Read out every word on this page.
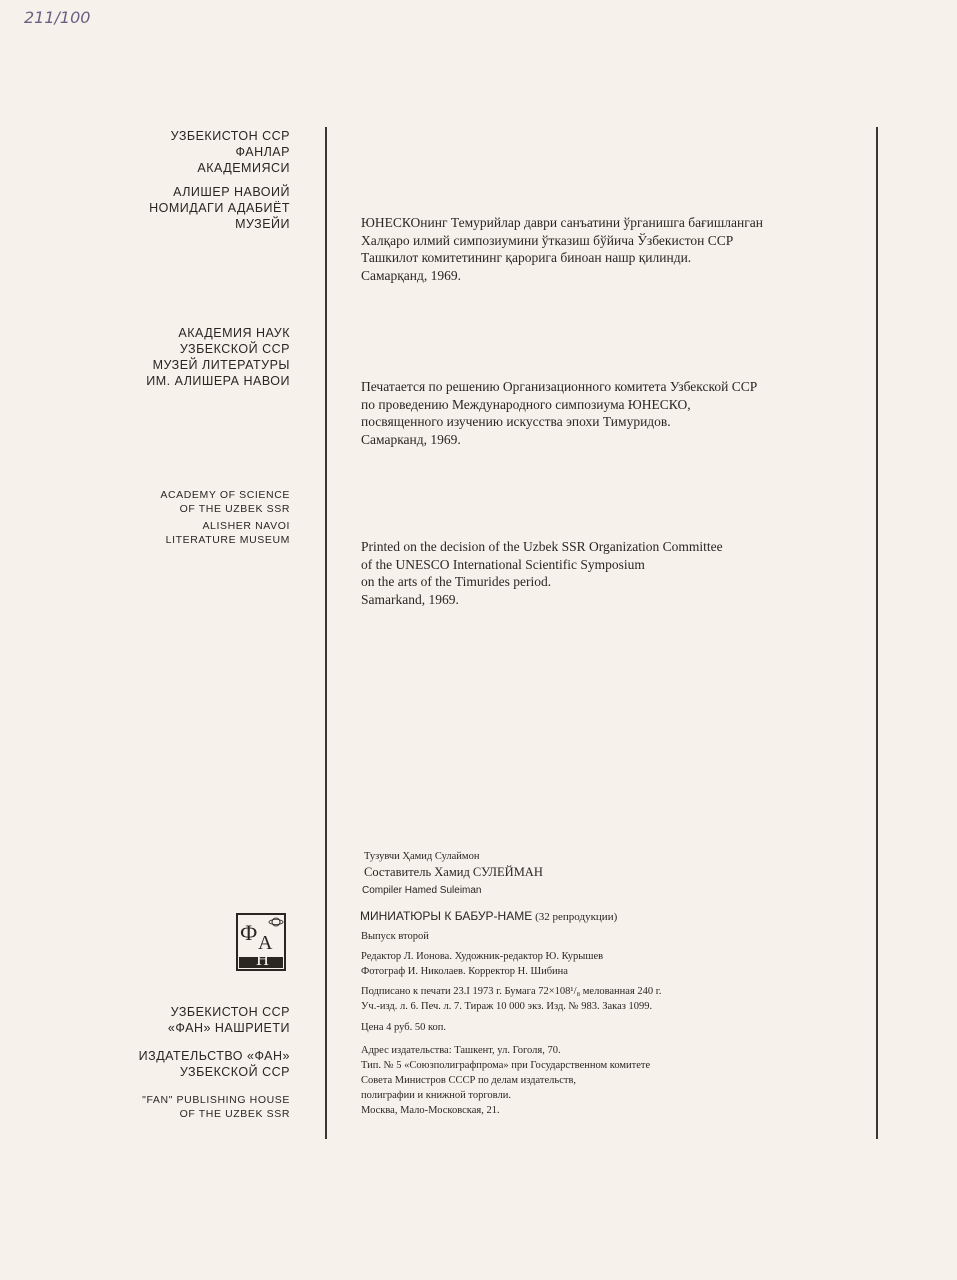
211/100
УЗБЕКИСТОН ССР
ФАНЛАР
АКАДЕМИЯСИ
АЛИШЕР НАВОИЙ
НОМИДАГИ АДАБИЁТ
МУЗЕЙИ
АКАДЕМИЯ НАУК
УЗБЕКСКОЙ ССР
МУЗЕЙ ЛИТЕРАТУРЫ
ИМ. АЛИШЕРА НАВОИ
ACADEMY OF SCIENCE
OF THE UZBEK SSR
ALISHER NAVOI
LITERATURE MUSEUM
Ф А
Н
УЗБЕКИСТОН ССР
«ФАН» НАШРИЕТИ
ИЗДАТЕЛЬСТВО «ФАН»
УЗБЕКСКОЙ ССР
"FAN" PUBLISHING HOUSE
OF THE UZBEK SSR
ЮНЕСКОнинг Темурийлар даври санъатини ўрганишга бағишланган
Халқаро илмий симпозиумини ўтказиш бўйича Ўзбекистон ССР
Ташкилот комитетининг қарорига биноан нашр қилинди.
Самарқанд, 1969.
Печатается по решению Организационного комитета Узбекской ССР
по проведению Международного симпозиума ЮНЕСКО,
посвященного изучению искусства эпохи Тимуридов.
Самарканд, 1969.
Printed on the decision of the Uzbek SSR Organization Committee
of the UNESCO International Scientific Symposium
on the arts of the Timurides period.
Samarkand, 1969.
Тузувчи Ҳамид Сулаймон
Составитель Хамид СУЛЕЙМАН
Compiler Hamed Suleiman
МИНИАТЮРЫ К БАБУР-НАМЕ (32 репродукции)
Выпуск второй
Редактор Л. Ионова. Художник-редактор Ю. Курышев
Фотограф И. Николаев. Корректор Н. Шибина
Подписано к печати 23.I 1973 г. Бумага 72×108¹/₈ мелованная 240 г.
Уч.-изд. л. 6. Печ. л. 7. Тираж 10 000 экз. Изд. № 983. Заказ 1099.
Цена 4 руб. 50 коп.
Адрес издательства: Ташкент, ул. Гоголя, 70.
Тип. № 5 «Союзполиграфпрома» при Государственном комитете
Совета Министров СССР по делам издательств,
полиграфии и книжной торговли.
Москва, Мало-Московская, 21.
